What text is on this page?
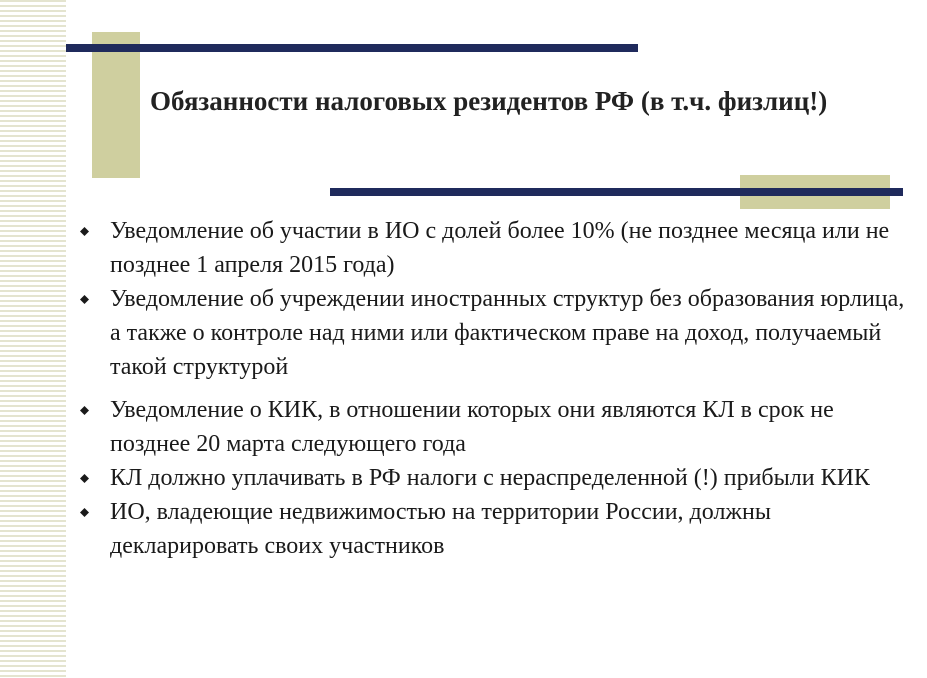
Обязанности налоговых резидентов РФ (в т.ч. физлиц!)
Уведомление об участии в ИО с долей более 10% (не позднее месяца или не позднее 1 апреля 2015 года)
Уведомление об учреждении иностранных структур без образования юрлица, а также о контроле над ними или фактическом праве на доход, получаемый такой структурой
Уведомление о КИК, в отношении которых они являются КЛ в срок не позднее 20 марта следующего года
КЛ должно уплачивать в РФ налоги с нераспределенной (!) прибыли КИК
ИО, владеющие недвижимостью на территории России, должны декларировать своих участников
